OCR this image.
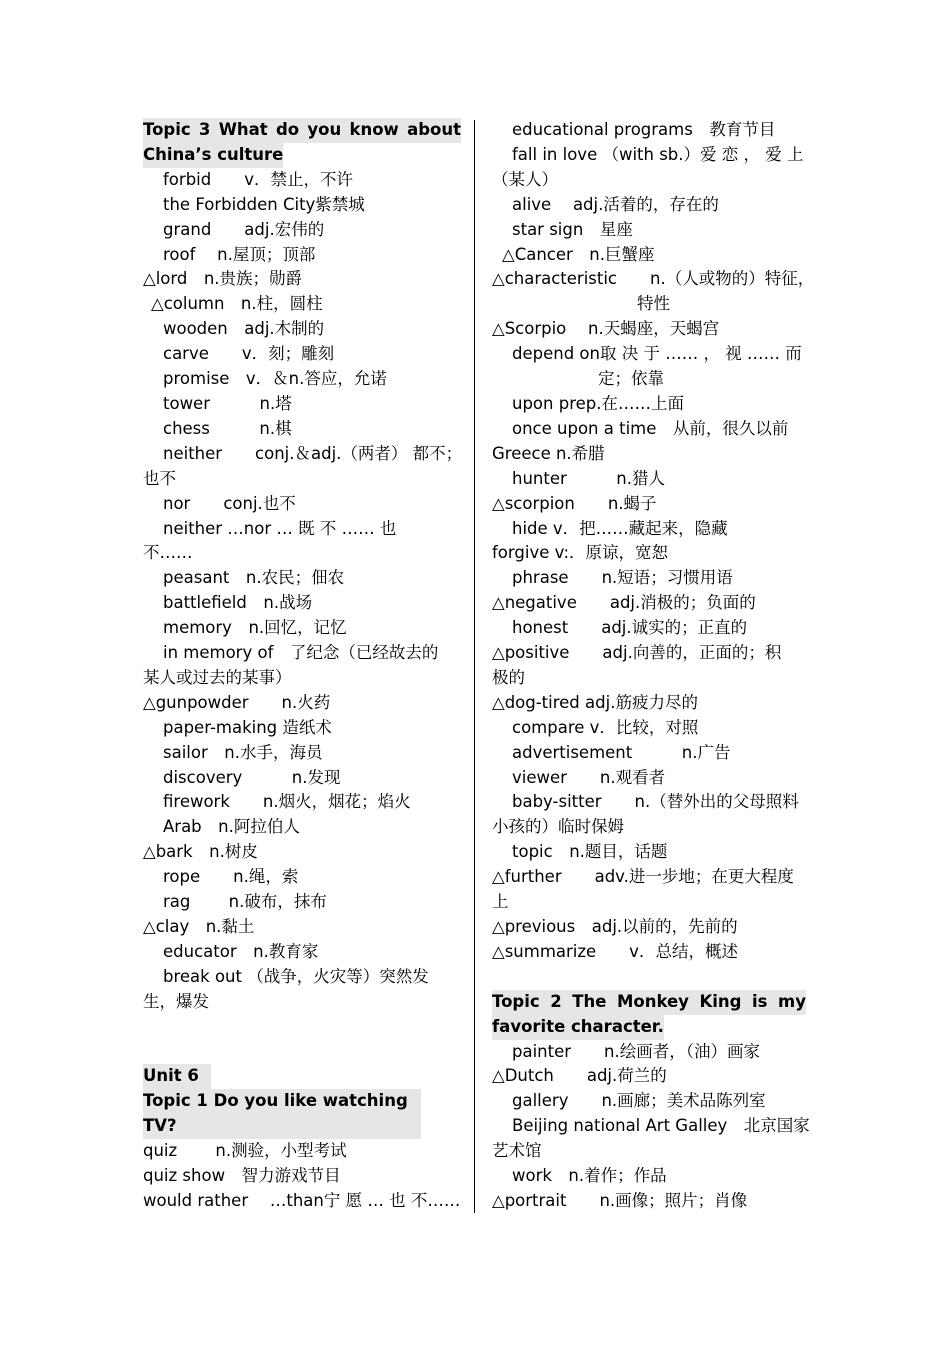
Topic 3 What do you know about
China’s culture
forbid　　v．禁止，不许
the Forbidden City紫禁城
grand　　adj.宏伟的
roof　 n.屋顶；顶部
△lord　n.贵族；勋爵
△column　n.柱，圆柱
wooden　adj.木制的
carve　　v．刻；雕刻
promise　v．＆n.答应，允诺
tower　　　n.塔
chess　　　n.棋
neither　　conj.＆adj.（两者） 都不；
也不
nor　　conj.也不
neither …nor … 既 不 …… 也
不……
peasant　n.农民；佃农
battlefield　n.战场
memory　n.回忆，记忆
in memory of　了纪念（已经故去的
某人或过去的某事）
△gunpowder　　n.火药
paper-making 造纸术
sailor　n.水手，海员
discovery　　　n.发现
firework　　n.烟火，烟花；焰火
Arab　n.阿拉伯人
△bark　n.树皮
rope　　n.绳，索
rag　　 n.破布，抹布
△clay　n.黏土
educator　n.教育家
break out （战争，火灾等）突然发
生，爆发
Unit 6
Topic 1 Do you like watching TV?
quiz　　 n.测验，小型考试
quiz show　智力游戏节目
would rather　 …than宁 愿 … 也 不……
educational programs　教育节目
fall in love （with sb.）爱 恋 ， 爱 上
（某人）
alive　 adj.活着的，存在的
star sign　星座
△Cancer　n.巨蟹座
△characteristic　　n.（人或物的）特征，
特性
△Scorpio　 n.天蝎座，天蝎宫
depend on取 决 于 …… ， 视 …… 而
定；依靠
upon prep.在……上面
once upon a time　从前，很久以前
Greece n.希腊
hunter　　　n.猎人
△scorpion　　n.蝎子
hide v．把……藏起来，隐藏
forgive v:．原谅，宽恕
phrase　　n.短语；习惯用语
△negative　　adj.消极的；负面的
honest　　adj.诚实的；正直的
△positive　　adj.向善的，正面的；积
极的
△dog-tired adj.筋疲力尽的
compare v．比较，对照
advertisement　　　n.广告
viewer　　n.观看者
baby-sitter　　n.（替外出的父母照料
小孩的）临时保姆
topic　n.题目，话题
△further　　adv.进一步地；在更大程度
上
△previous　adj.以前的，先前的
△summarize　　v．总结，概述
Topic 2 The Monkey King is my
favorite character.
painter　　n.绘画者，（油）画家
△Dutch　　adj.荷兰的
gallery　　n.画廊；美术品陈列室
Beijing national Art Galley　北京国家
艺术馆
work　n.着作；作品
△portrait　　n.画像；照片；肖像
